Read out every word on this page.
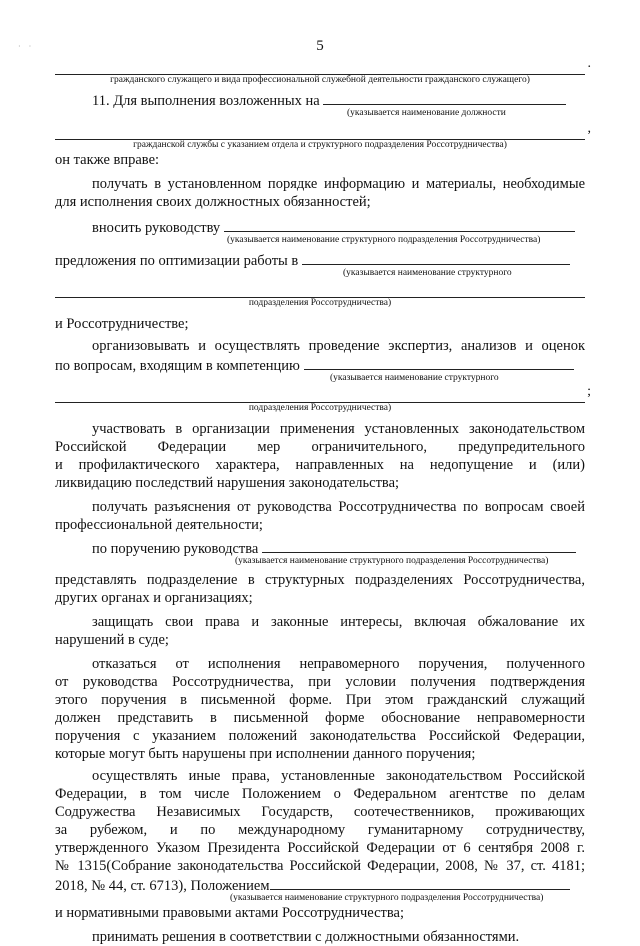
· ·	5
.
гражданского служащего и вида профессиональной служебной деятельности гражданского служащего)
11. Для выполнения возложенных на
(указывается наименование должности
,
гражданской службы с указанием отдела и структурного подразделения Россотрудничества)
он также вправе:
получать в установленном порядке информацию и материалы, необходимые
для исполнения своих должностных обязанностей;
вносить руководству
(указывается наименование структурного подразделения Россотрудничества)
предложения по оптимизации работы в
(указывается наименование структурного
подразделения Россотрудничества)
и Россотрудничестве;
организовывать и осуществлять проведение экспертиз, анализов и оценок
по вопросам, входящим в компетенцию
(указывается наименование структурного
;
подразделения Россотрудничества)
участвовать в организации применения установленных законодательством
Российской Федерации мер ограничительного, предупредительного
и профилактического характера, направленных на недопущение и (или)
ликвидацию последствий нарушения законодательства;
получать разъяснения от руководства Россотрудничества по вопросам своей
профессиональной деятельности;
по поручению руководства
(указывается наименование структурного подразделения Россотрудничества)
представлять подразделение в структурных подразделениях Россотрудничества,
других органах и организациях;
защищать свои права и законные интересы, включая обжалование их
нарушений в суде;
отказаться от исполнения неправомерного поручения, полученного
от руководства Россотрудничества, при условии получения подтверждения
этого поручения в письменной форме. При этом гражданский служащий
должен представить в письменной форме обоснование неправомерности
поручения с указанием положений законодательства Российской Федерации,
которые могут быть нарушены при исполнении данного поручения;
осуществлять иные права, установленные законодательством Российской
Федерации, в том числе Положением о Федеральном агентстве по делам
Содружества Независимых Государств, соотечественников, проживающих
за рубежом, и по международному гуманитарному сотрудничеству,
утвержденного Указом Президента Российской Федерации от 6 сентября 2008 г.
№ 1315(Собрание законодательства Российской Федерации, 2008, № 37, ст. 4181;
2018, № 44, ст. 6713), Положением
(указывается наименование структурного подразделения Россотрудничества)
и нормативными правовыми актами Россотрудничества;
принимать решения в соответствии с должностными обязанностями.
